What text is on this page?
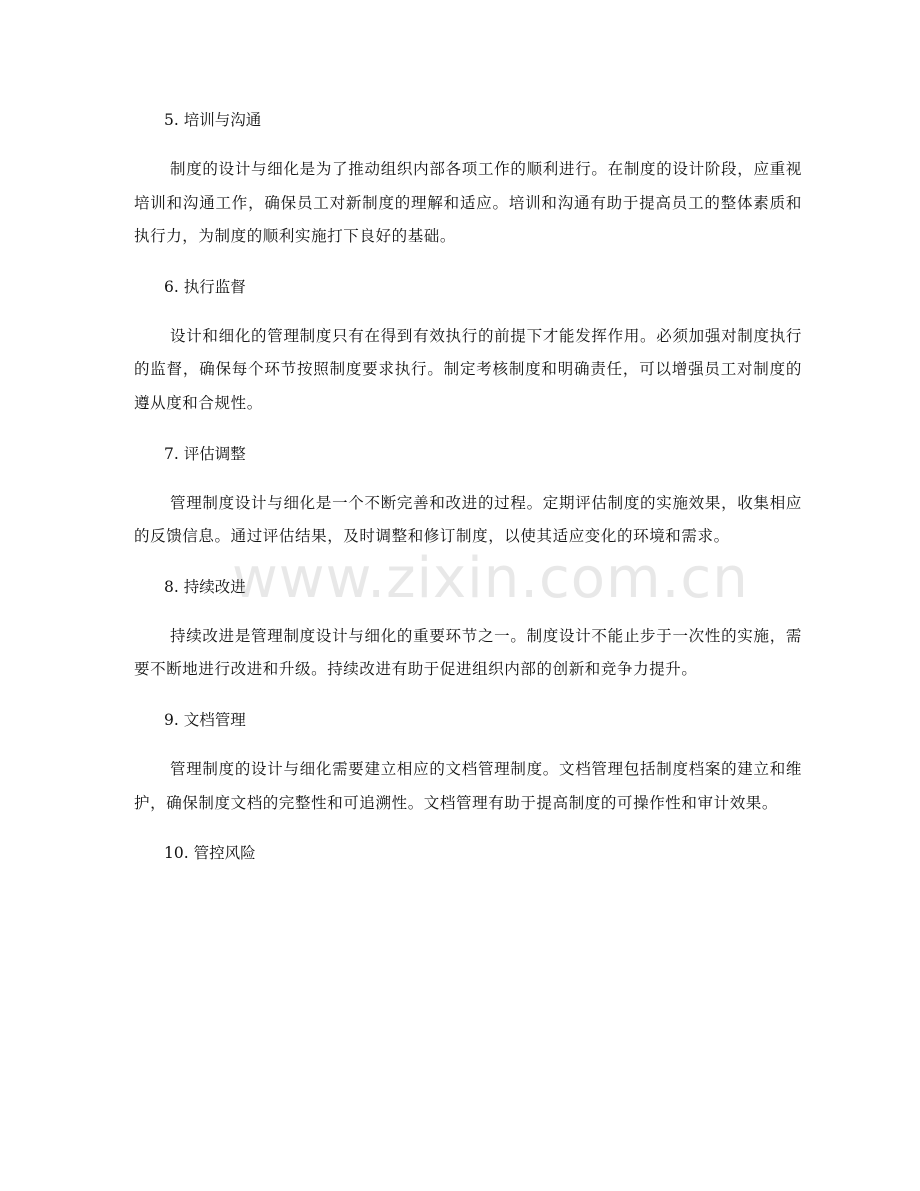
5. 培训与沟通
制度的设计与细化是为了推动组织内部各项工作的顺利进行。在制度的设计阶段，应重视培训和沟通工作，确保员工对新制度的理解和适应。培训和沟通有助于提高员工的整体素质和执行力，为制度的顺利实施打下良好的基础。
6. 执行监督
设计和细化的管理制度只有在得到有效执行的前提下才能发挥作用。必须加强对制度执行的监督，确保每个环节按照制度要求执行。制定考核制度和明确责任，可以增强员工对制度的遵从度和合规性。
7. 评估调整
管理制度设计与细化是一个不断完善和改进的过程。定期评估制度的实施效果，收集相应的反馈信息。通过评估结果，及时调整和修订制度，以使其适应变化的环境和需求。
8. 持续改进
持续改进是管理制度设计与细化的重要环节之一。制度设计不能止步于一次性的实施，需要不断地进行改进和升级。持续改进有助于促进组织内部的创新和竞争力提升。
9. 文档管理
管理制度的设计与细化需要建立相应的文档管理制度。文档管理包括制度档案的建立和维护，确保制度文档的完整性和可追溯性。文档管理有助于提高制度的可操作性和审计效果。
10. 管控风险
www.zixin.com.cn
